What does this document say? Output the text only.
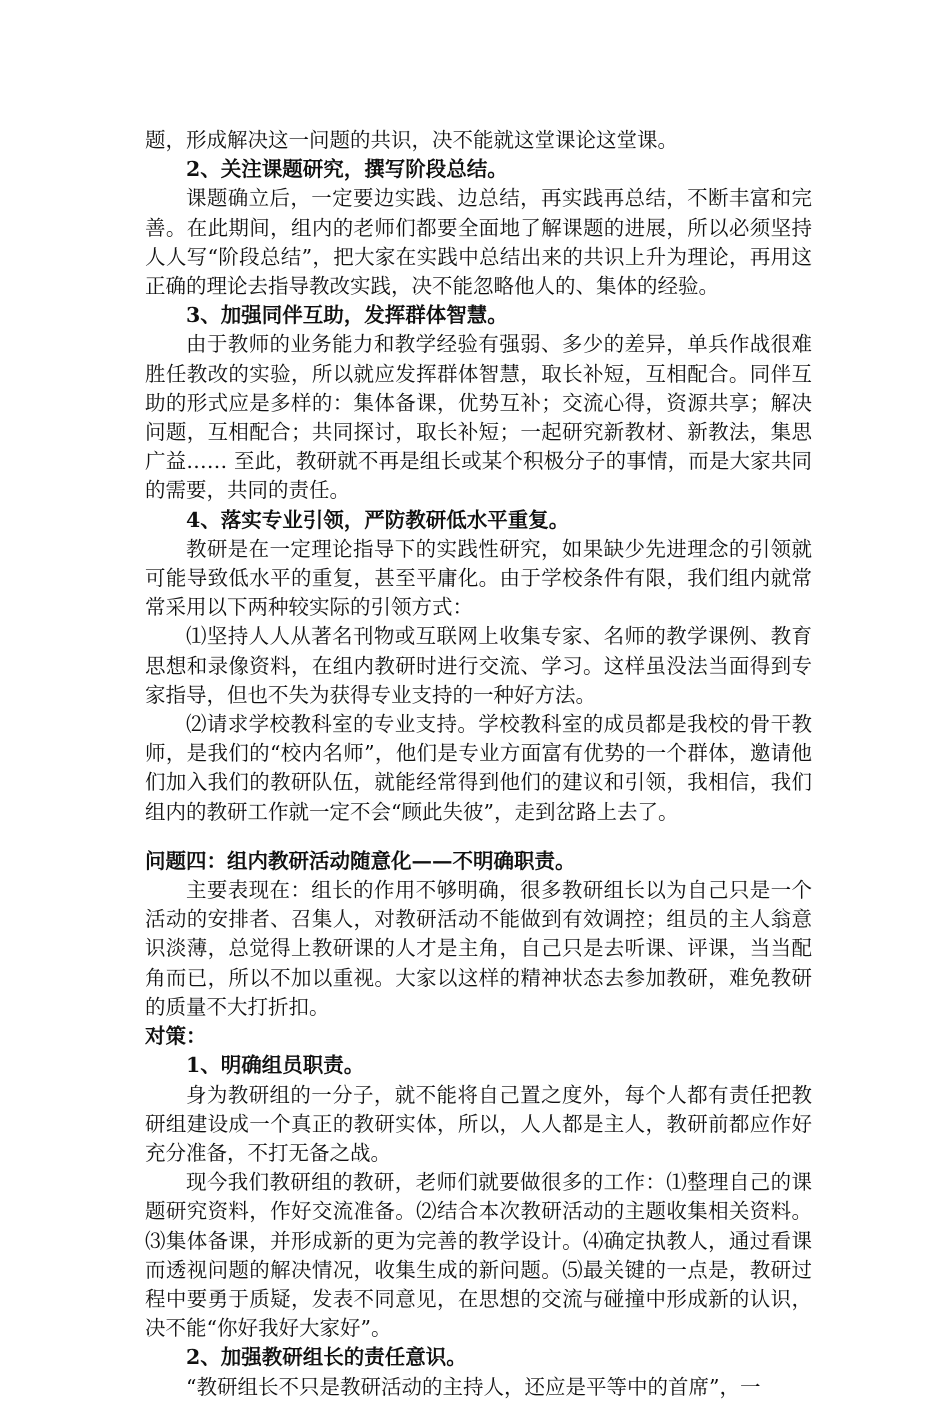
题，形成解决这一问题的共识，决不能就这堂课论这堂课。

2、关注课题研究，撰写阶段总结。

课题确立后，一定要边实践、边总结，再实践再总结，不断丰富和完善。在此期间，组内的老师们都要全面地了解课题的进展，所以必须坚持人人写“阶段总结”，把大家在实践中总结出来的共识上升为理论，再用这正确的理论去指导教改实践，决不能忽略他人的、集体的经验。

3、加强同伴互助，发挥群体智慧。

由于教师的业务能力和教学经验有强弱、多少的差异，单兵作战很难胜任教改的实验，所以就应发挥群体智慧，取长补短，互相配合。同伴互助的形式应是多样的：集体备课，优势互补；交流心得，资源共享；解决问题，互相配合；共同探讨，取长补短；一起研究新教材、新教法，集思广益…… 至此，教研就不再是组长或某个积极分子的事情，而是大家共同的需要，共同的责任。

4、落实专业引领，严防教研低水平重复。

教研是在一定理论指导下的实践性研究，如果缺少先进理念的引领就可能导致低水平的重复，甚至平庸化。由于学校条件有限，我们组内就常常采用以下两种较实际的引领方式：

⑴坚持人人从著名刊物或互联网上收集专家、名师的教学课例、教育思想和录像资料，在组内教研时进行交流、学习。这样虽没法当面得到专家指导，但也不失为获得专业支持的一种好方法。

⑵请求学校教科室的专业支持。学校教科室的成员都是我校的骨干教师，是我们的“校内名师”，他们是专业方面富有优势的一个群体，邀请他们加入我们的教研队伍，就能经常得到他们的建议和引领，我相信，我们组内的教研工作就一定不会“顾此失彼”，走到岔路上去了。

问题四：组内教研活动随意化——不明确职责。

主要表现在：组长的作用不够明确，很多教研组长以为自己只是一个活动的安排者、召集人，对教研活动不能做到有效调控；组员的主人翁意识淡薄，总觉得上教研课的人才是主角，自己只是去听课、评课，当当配角而已，所以不加以重视。大家以这样的精神状态去参加教研，难免教研的质量不大打折扣。

对策：

1、明确组员职责。

身为教研组的一分子，就不能将自己置之度外，每个人都有责任把教研组建设成一个真正的教研实体，所以，人人都是主人，教研前都应作好充分准备，不打无备之战。

现今我们教研组的教研，老师们就要做很多的工作：⑴整理自己的课题研究资料，作好交流准备。⑵结合本次教研活动的主题收集相关资料。⑶集体备课，并形成新的更为完善的教学设计。⑷确定执教人，通过看课而透视问题的解决情况，收集生成的新问题。⑸最关键的一点是，教研过程中要勇于质疑，发表不同意见，在思想的交流与碰撞中形成新的认识，决不能“你好我好大家好”。

2、加强教研组长的责任意识。

“教研组长不只是教研活动的主持人，还应是平等中的首席”，一
